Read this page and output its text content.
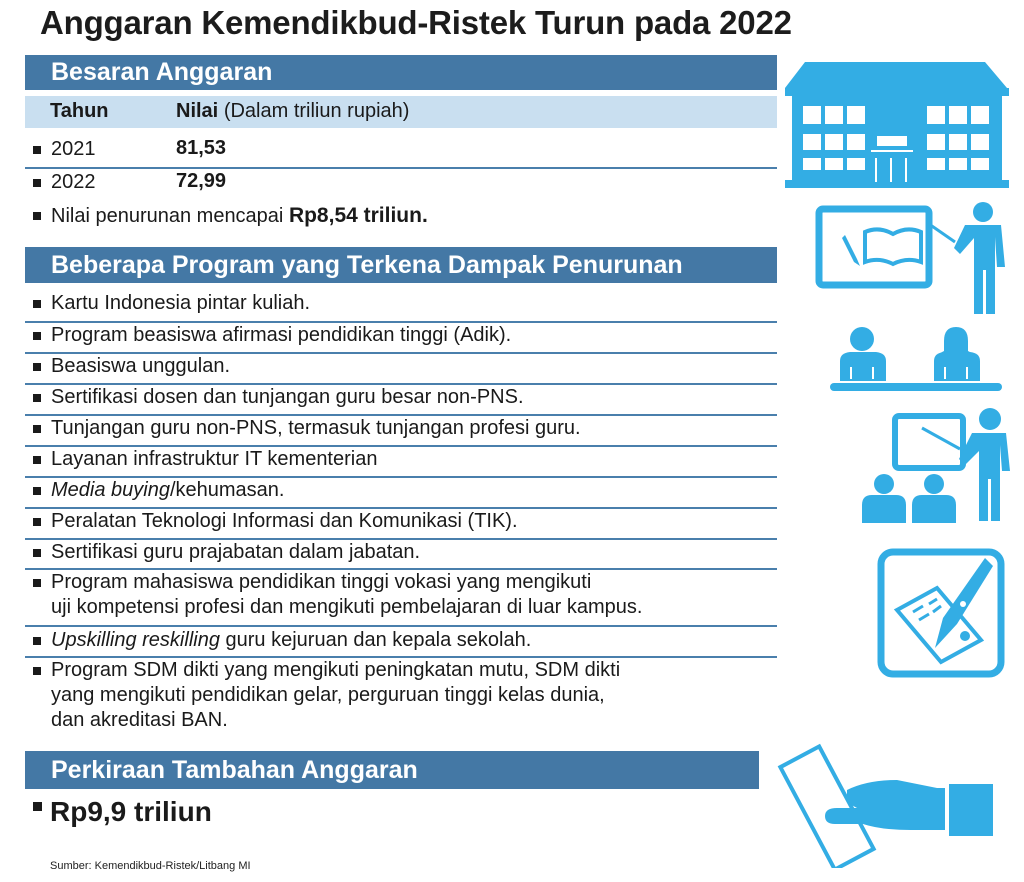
Anggaran Kemendikbud-Ristek Turun pada 2022
Besaran Anggaran
Tahun	Nilai (Dalam triliun rupiah)
2021	81,53
2022	72,99
Nilai penurunan mencapai Rp8,54 triliun.
Beberapa Program yang Terkena Dampak Penurunan
Kartu Indonesia pintar kuliah.
Program beasiswa afirmasi pendidikan tinggi (Adik).
Beasiswa unggulan.
Sertifikasi dosen dan tunjangan guru besar non-PNS.
Tunjangan guru non-PNS, termasuk tunjangan profesi guru.
Layanan infrastruktur IT kementerian
Media buying/kehumasan.
Peralatan Teknologi Informasi dan Komunikasi (TIK).
Sertifikasi guru prajabatan dalam jabatan.
Program mahasiswa pendidikan tinggi vokasi yang mengikuti
uji kompetensi profesi dan mengikuti pembelajaran di luar kampus.
Upskilling reskilling guru kejuruan dan kepala sekolah.
Program SDM dikti yang mengikuti peningkatan mutu, SDM dikti
yang mengikuti pendidikan gelar, perguruan tinggi kelas dunia,
dan akreditasi BAN.
Perkiraan Tambahan Anggaran
Rp9,9 triliun
Sumber: Kemendikbud-Ristek/Litbang MI
